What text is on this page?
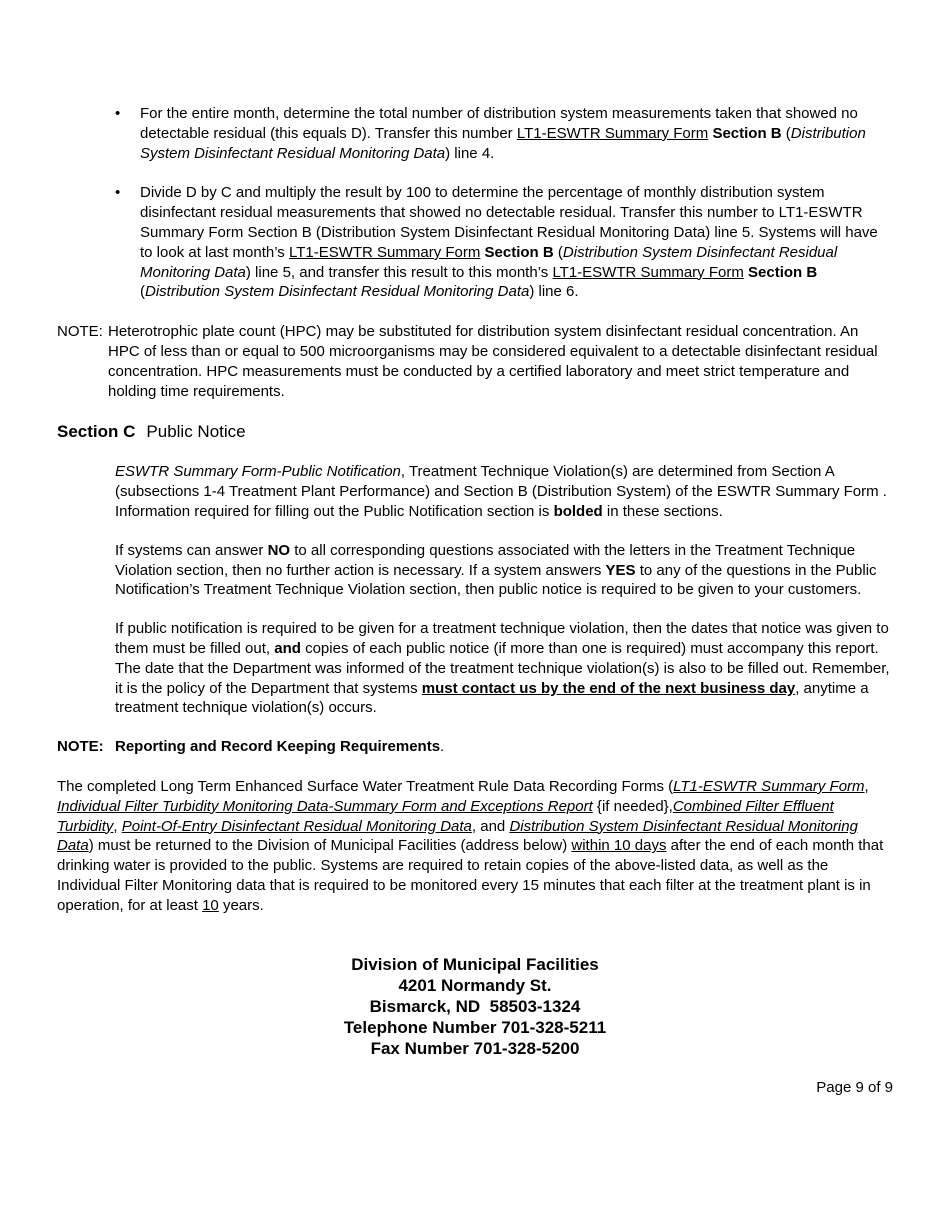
• For the entire month, determine the total number of distribution system measurements taken that showed no detectable residual (this equals D). Transfer this number LT1-ESWTR Summary Form Section B (Distribution System Disinfectant Residual Monitoring Data) line 4.
• Divide D by C and multiply the result by 100 to determine the percentage of monthly distribution system disinfectant residual measurements that showed no detectable residual. Transfer this number to LT1-ESWTR Summary Form Section B (Distribution System Disinfectant Residual Monitoring Data) line 5. Systems will have to look at last month’s LT1-ESWTR Summary Form Section B (Distribution System Disinfectant Residual Monitoring Data) line 5, and transfer this result to this month’s LT1-ESWTR Summary Form Section B (Distribution System Disinfectant Residual Monitoring Data) line 6.
NOTE: Heterotrophic plate count (HPC) may be substituted for distribution system disinfectant residual concentration. An HPC of less than or equal to 500 microorganisms may be considered equivalent to a detectable disinfectant residual concentration. HPC measurements must be conducted by a certified laboratory and meet strict temperature and holding time requirements.
Section C Public Notice

ESWTR Summary Form-Public Notification, Treatment Technique Violation(s) are determined from Section A (subsections 1-4 Treatment Plant Performance) and Section B (Distribution System) of the ESWTR Summary Form . Information required for filling out the Public Notification section is bolded in these sections.

If systems can answer NO to all corresponding questions associated with the letters in the Treatment Technique Violation section, then no further action is necessary. If a system answers YES to any of the questions in the Public Notification’s Treatment Technique Violation section, then public notice is required to be given to your customers.

If public notification is required to be given for a treatment technique violation, then the dates that notice was given to them must be filled out, and copies of each public notice (if more than one is required) must accompany this report. The date that the Department was informed of the treatment technique violation(s) is also to be filled out. Remember, it is the policy of the Department that systems must contact us by the end of the next business day, anytime a treatment technique violation(s) occurs.

NOTE: Reporting and Record Keeping Requirements.

The completed Long Term Enhanced Surface Water Treatment Rule Data Recording Forms (LT1-ESWTR Summary Form, Individual Filter Turbidity Monitoring Data-Summary Form and Exceptions Report {if needed},Combined Filter Effluent Turbidity, Point-Of-Entry Disinfectant Residual Monitoring Data, and Distribution System Disinfectant Residual Monitoring Data) must be returned to the Division of Municipal Facilities (address below) within 10 days after the end of each month that drinking water is provided to the public. Systems are required to retain copies of the above-listed data, as well as the Individual Filter Monitoring data that is required to be monitored every 15 minutes that each filter at the treatment plant is in operation, for at least 10 years.

Division of Municipal Facilities
4201 Normandy St.
Bismarck, ND  58503-1324
Telephone Number 701-328-5211
Fax Number 701-328-5200
Page 9 of 9
